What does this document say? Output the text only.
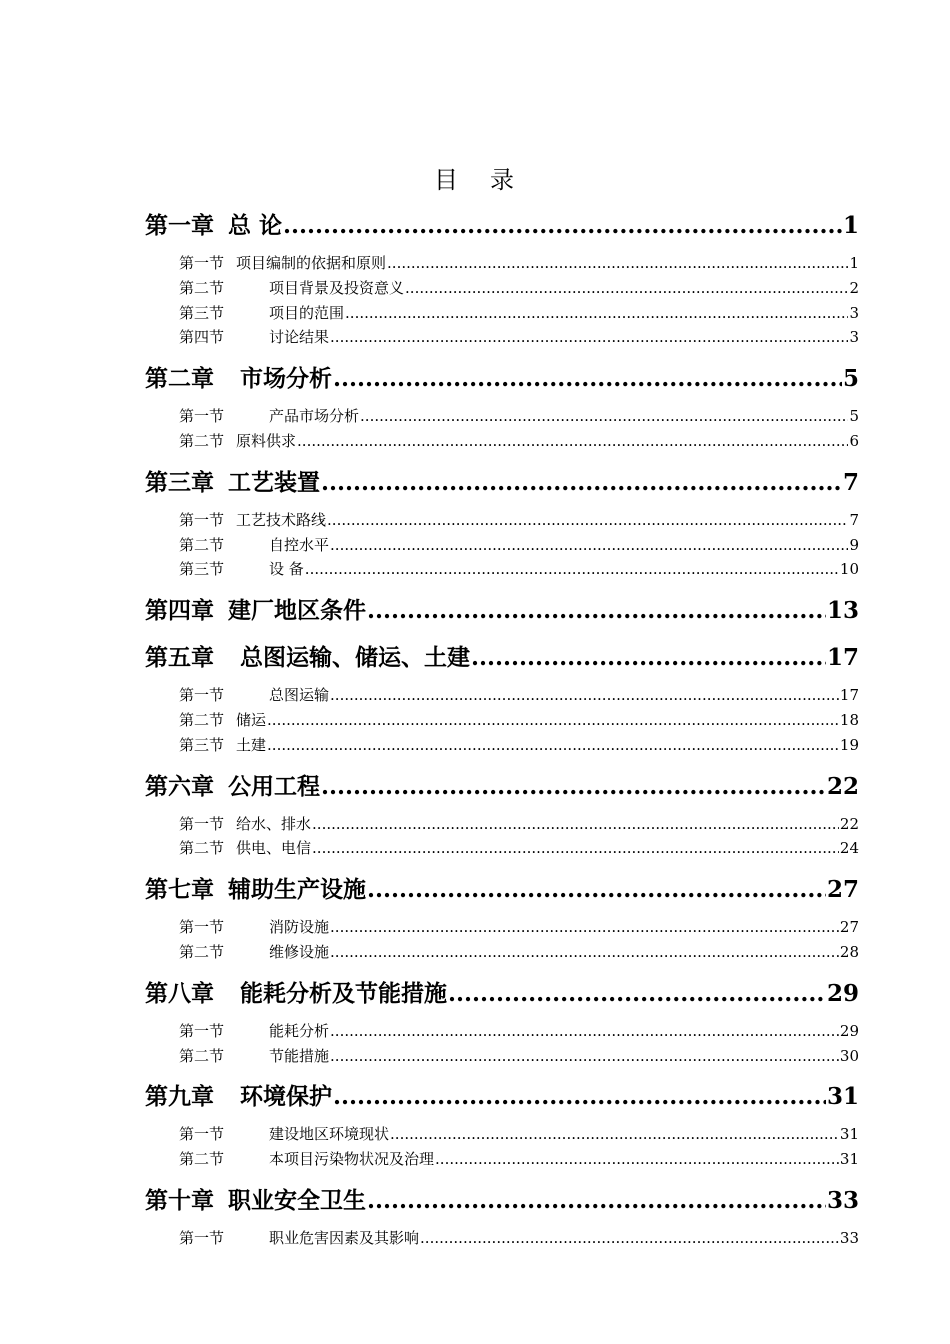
目 录
第一章 总 论 .....	1
第一节 项目编制的依据和原则 .....	1
第二节	项目背景及投资意义 .....	2
第三节	项目的范围 .....	3
第四节	讨论结果 .....	3
第二章 市场分析 .....	5
第一节	产品市场分析 .....	5
第二节 原料供求 .....	6
第三章 工艺装置 .....	7
第一节 工艺技术路线 .....	7
第二节	自控水平 .....	9
第三节	设 备 .....	10
第四章 建厂地区条件 .....	13
第五章 总图运输、储运、土建 .....	17
第一节	总图运输 .....	17
第二节 储运 .....	18
第三节 土建 .....	19
第六章 公用工程 .....	22
第一节 给水、排水 .....	22
第二节 供电、电信 .....	24
第七章 辅助生产设施 .....	27
第一节	消防设施 .....	27
第二节	维修设施 .....	28
第八章 能耗分析及节能措施 .....	29
第一节	能耗分析 .....	29
第二节	节能措施 .....	30
第九章 环境保护 .....	31
第一节	建设地区环境现状 .....	31
第二节	本项目污染物状况及治理 .....	31
第十章 职业安全卫生 .....	33
第一节	职业危害因素及其影响 .....	33
